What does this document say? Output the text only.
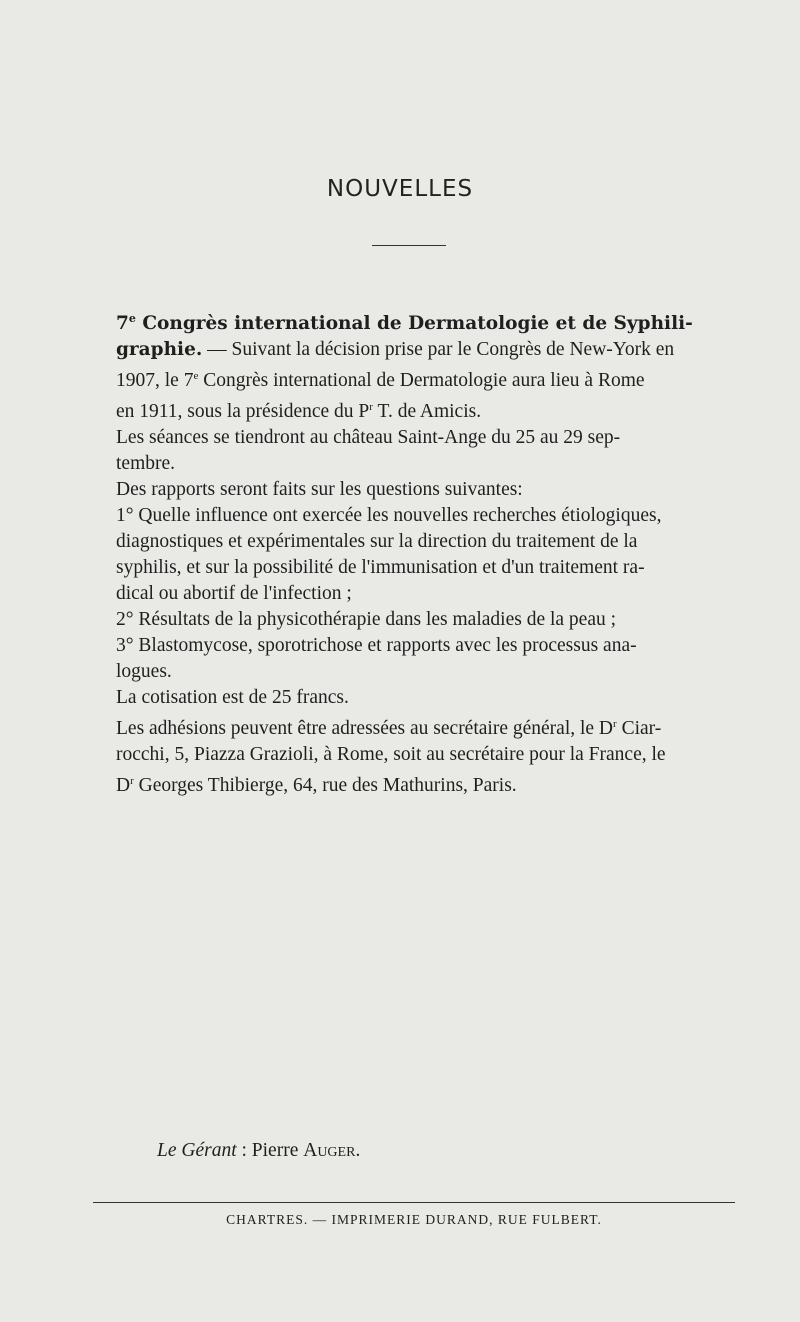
NOUVELLES
7e Congrès international de Dermatologie et de Syphili-
graphie. — Suivant la décision prise par le Congrès de New-York en
1907, le 7e Congrès international de Dermatologie aura lieu à Rome
en 1911, sous la présidence du $P^r$ T. de Amicis.
Les séances se tiendront au château Saint-Ange du 25 au 29 sep-
tembre.
Des rapports seront faits sur les questions suivantes:
1° Quelle influence ont exercée les nouvelles recherches étiologiques,
diagnostiques et expérimentales sur la direction du traitement de la
syphilis, et sur la possibilité de l'immunisation et d'un traitement ra-
dical ou abortif de l'infection ;
2° Résultats de la physicothérapie dans les maladies de la peau ;
3° Blastomycose, sporotrichose et rapports avec les processus ana-
logues.
La cotisation est de 25 francs.
Les adhésions peuvent être adressées au secrétaire général, le $D^r$ Ciar-
rocchi, 5, Piazza Grazioli, à Rome, soit au secrétaire pour la France, le
$D^r$ Georges Thibierge, 64, rue des Mathurins, Paris.
Le Gérant : Pierre Auger.
CHARTRES. — IMPRIMERIE DURAND, RUE FULBERT.
